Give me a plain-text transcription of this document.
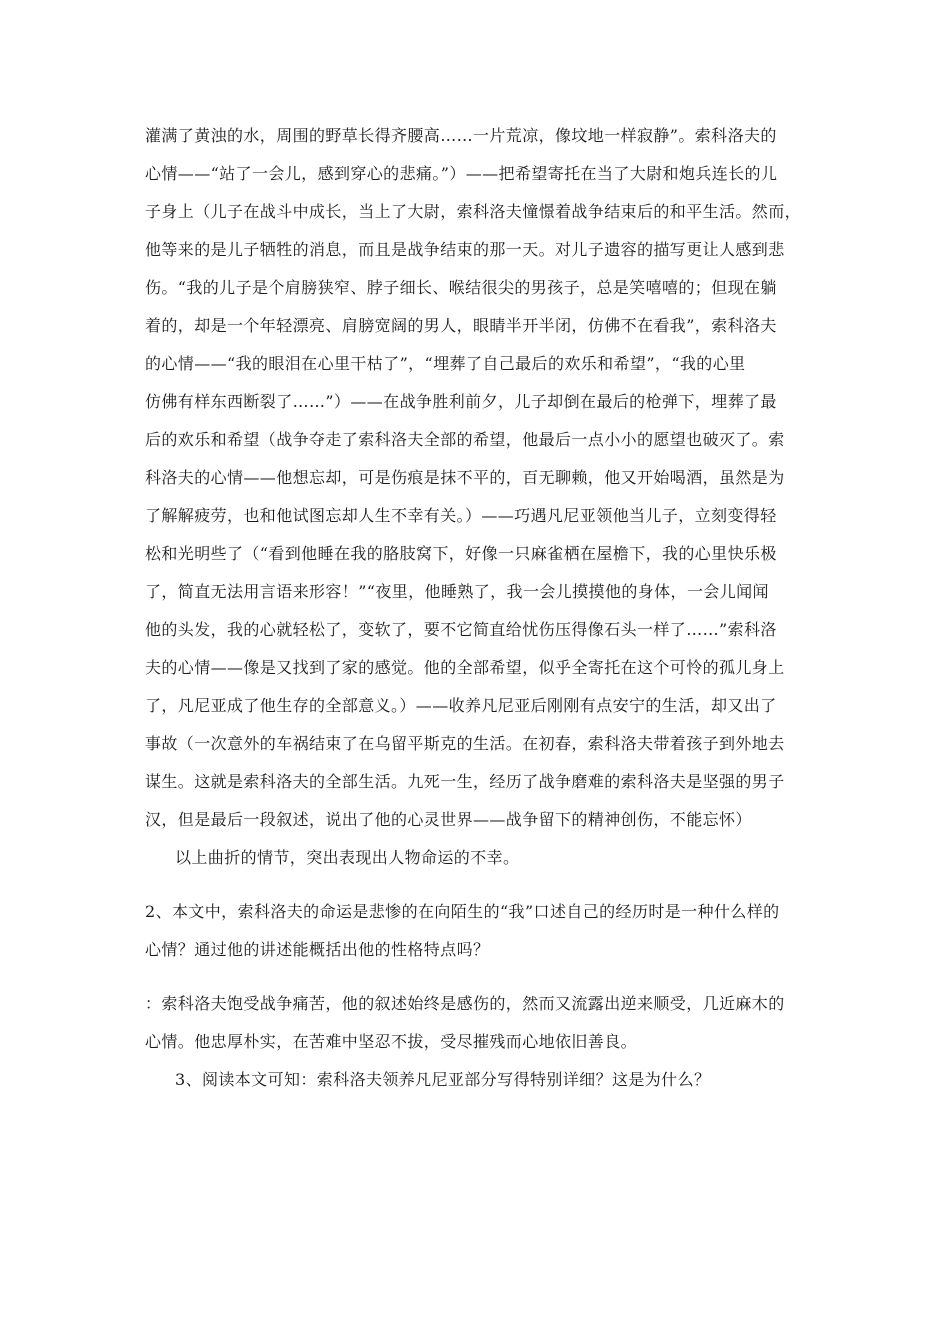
灌满了黄浊的水，周围的野草长得齐腰高……一片荒凉，像坟地一样寂静”。索科洛夫的
心情——“站了一会儿，感到穿心的悲痛。”）——把希望寄托在当了大尉和炮兵连长的儿
子身上（儿子在战斗中成长，当上了大尉，索科洛夫憧憬着战争结束后的和平生活。然而，
他等来的是儿子牺牲的消息，而且是战争结束的那一天。对儿子遗容的描写更让人感到悲
伤。“我的儿子是个肩膀狭窄、脖子细长、喉结很尖的男孩子，总是笑嘻嘻的；但现在躺
着的，却是一个年轻漂亮、肩膀宽阔的男人，眼睛半开半闭，仿佛不在看我”，索科洛夫
的心情——“我的眼泪在心里干枯了”，“埋葬了自己最后的欢乐和希望”，“我的心里
仿佛有样东西断裂了……”）——在战争胜利前夕，儿子却倒在最后的枪弹下，埋葬了最
后的欢乐和希望（战争夺走了索科洛夫全部的希望，他最后一点小小的愿望也破灭了。索
科洛夫的心情——他想忘却，可是伤痕是抹不平的，百无聊赖，他又开始喝酒，虽然是为
了解解疲劳，也和他试图忘却人生不幸有关。）——巧遇凡尼亚领他当儿子，立刻变得轻
松和光明些了（“看到他睡在我的胳肢窝下，好像一只麻雀栖在屋檐下，我的心里快乐极
了，简直无法用言语来形容！”“夜里，他睡熟了，我一会儿摸摸他的身体，一会儿闻闻
他的头发，我的心就轻松了，变软了，要不它简直给忧伤压得像石头一样了……”索科洛
夫的心情——像是又找到了家的感觉。他的全部希望，似乎全寄托在这个可怜的孤儿身上
了，凡尼亚成了他生存的全部意义。）——收养凡尼亚后刚刚有点安宁的生活，却又出了
事故（一次意外的车祸结束了在乌留平斯克的生活。在初春，索科洛夫带着孩子到外地去
谋生。这就是索科洛夫的全部生活。九死一生，经历了战争磨难的索科洛夫是坚强的男子
汉，但是最后一段叙述，说出了他的心灵世界——战争留下的精神创伤，不能忘怀）
以上曲折的情节，突出表现出人物命运的不幸。
2、本文中，索科洛夫的命运是悲惨的在向陌生的“我”口述自己的经历时是一种什么样的
心情？通过他的讲述能概括出他的性格特点吗？
：索科洛夫饱受战争痛苦，他的叙述始终是感伤的，然而又流露出逆来顺受，几近麻木的
心情。他忠厚朴实，在苦难中坚忍不拔，受尽摧残而心地依旧善良。
3、阅读本文可知：索科洛夫领养凡尼亚部分写得特别详细？这是为什么？
